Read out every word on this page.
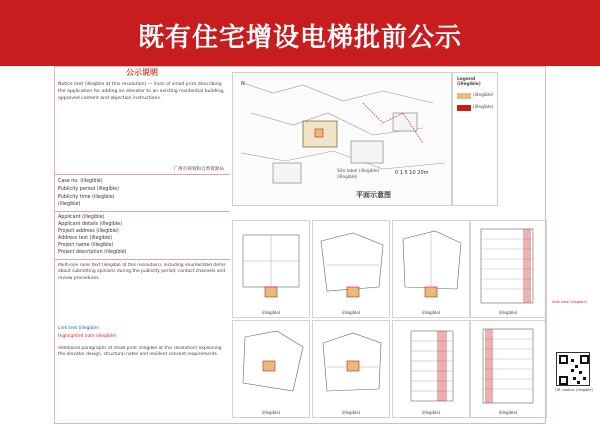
既有住宅增设电梯批前公示
公示说明
Notice text (illegible at this resolution) — lines of small print describing the application for adding an elevator to an existing residential building, approved content and objection instructions.
广州市规划和自然资源局
Case no. (illegible)
Publicity period (illegible)
Publicity time (illegible)
(illegible)
Applicant (illegible)
Applicant details (illegible)
Project address (illegible)
Address text (illegible)
Project name (illegible)
Project description (illegible)
Multi-line rules text (illegible at this resolution), including enumerated items about submitting opinions during the publicity period, contact channels and review procedures.
Link text (illegible)
Highlighted note (illegible)
Additional paragraphs of small print (illegible at this resolution) explaining the elevator design, structural notes and resident consent requirements.
N
Site label (illegible)
(illegible)
0 1 5 10 20m
平面示意图
Legend (illegible)
(illegible)
(illegible)
(illegible)	(illegible)	(illegible)
(illegible)	(illegible)	(illegible)
(illegible)
(illegible)
Side note (illegible)
QR caption (illegible)
